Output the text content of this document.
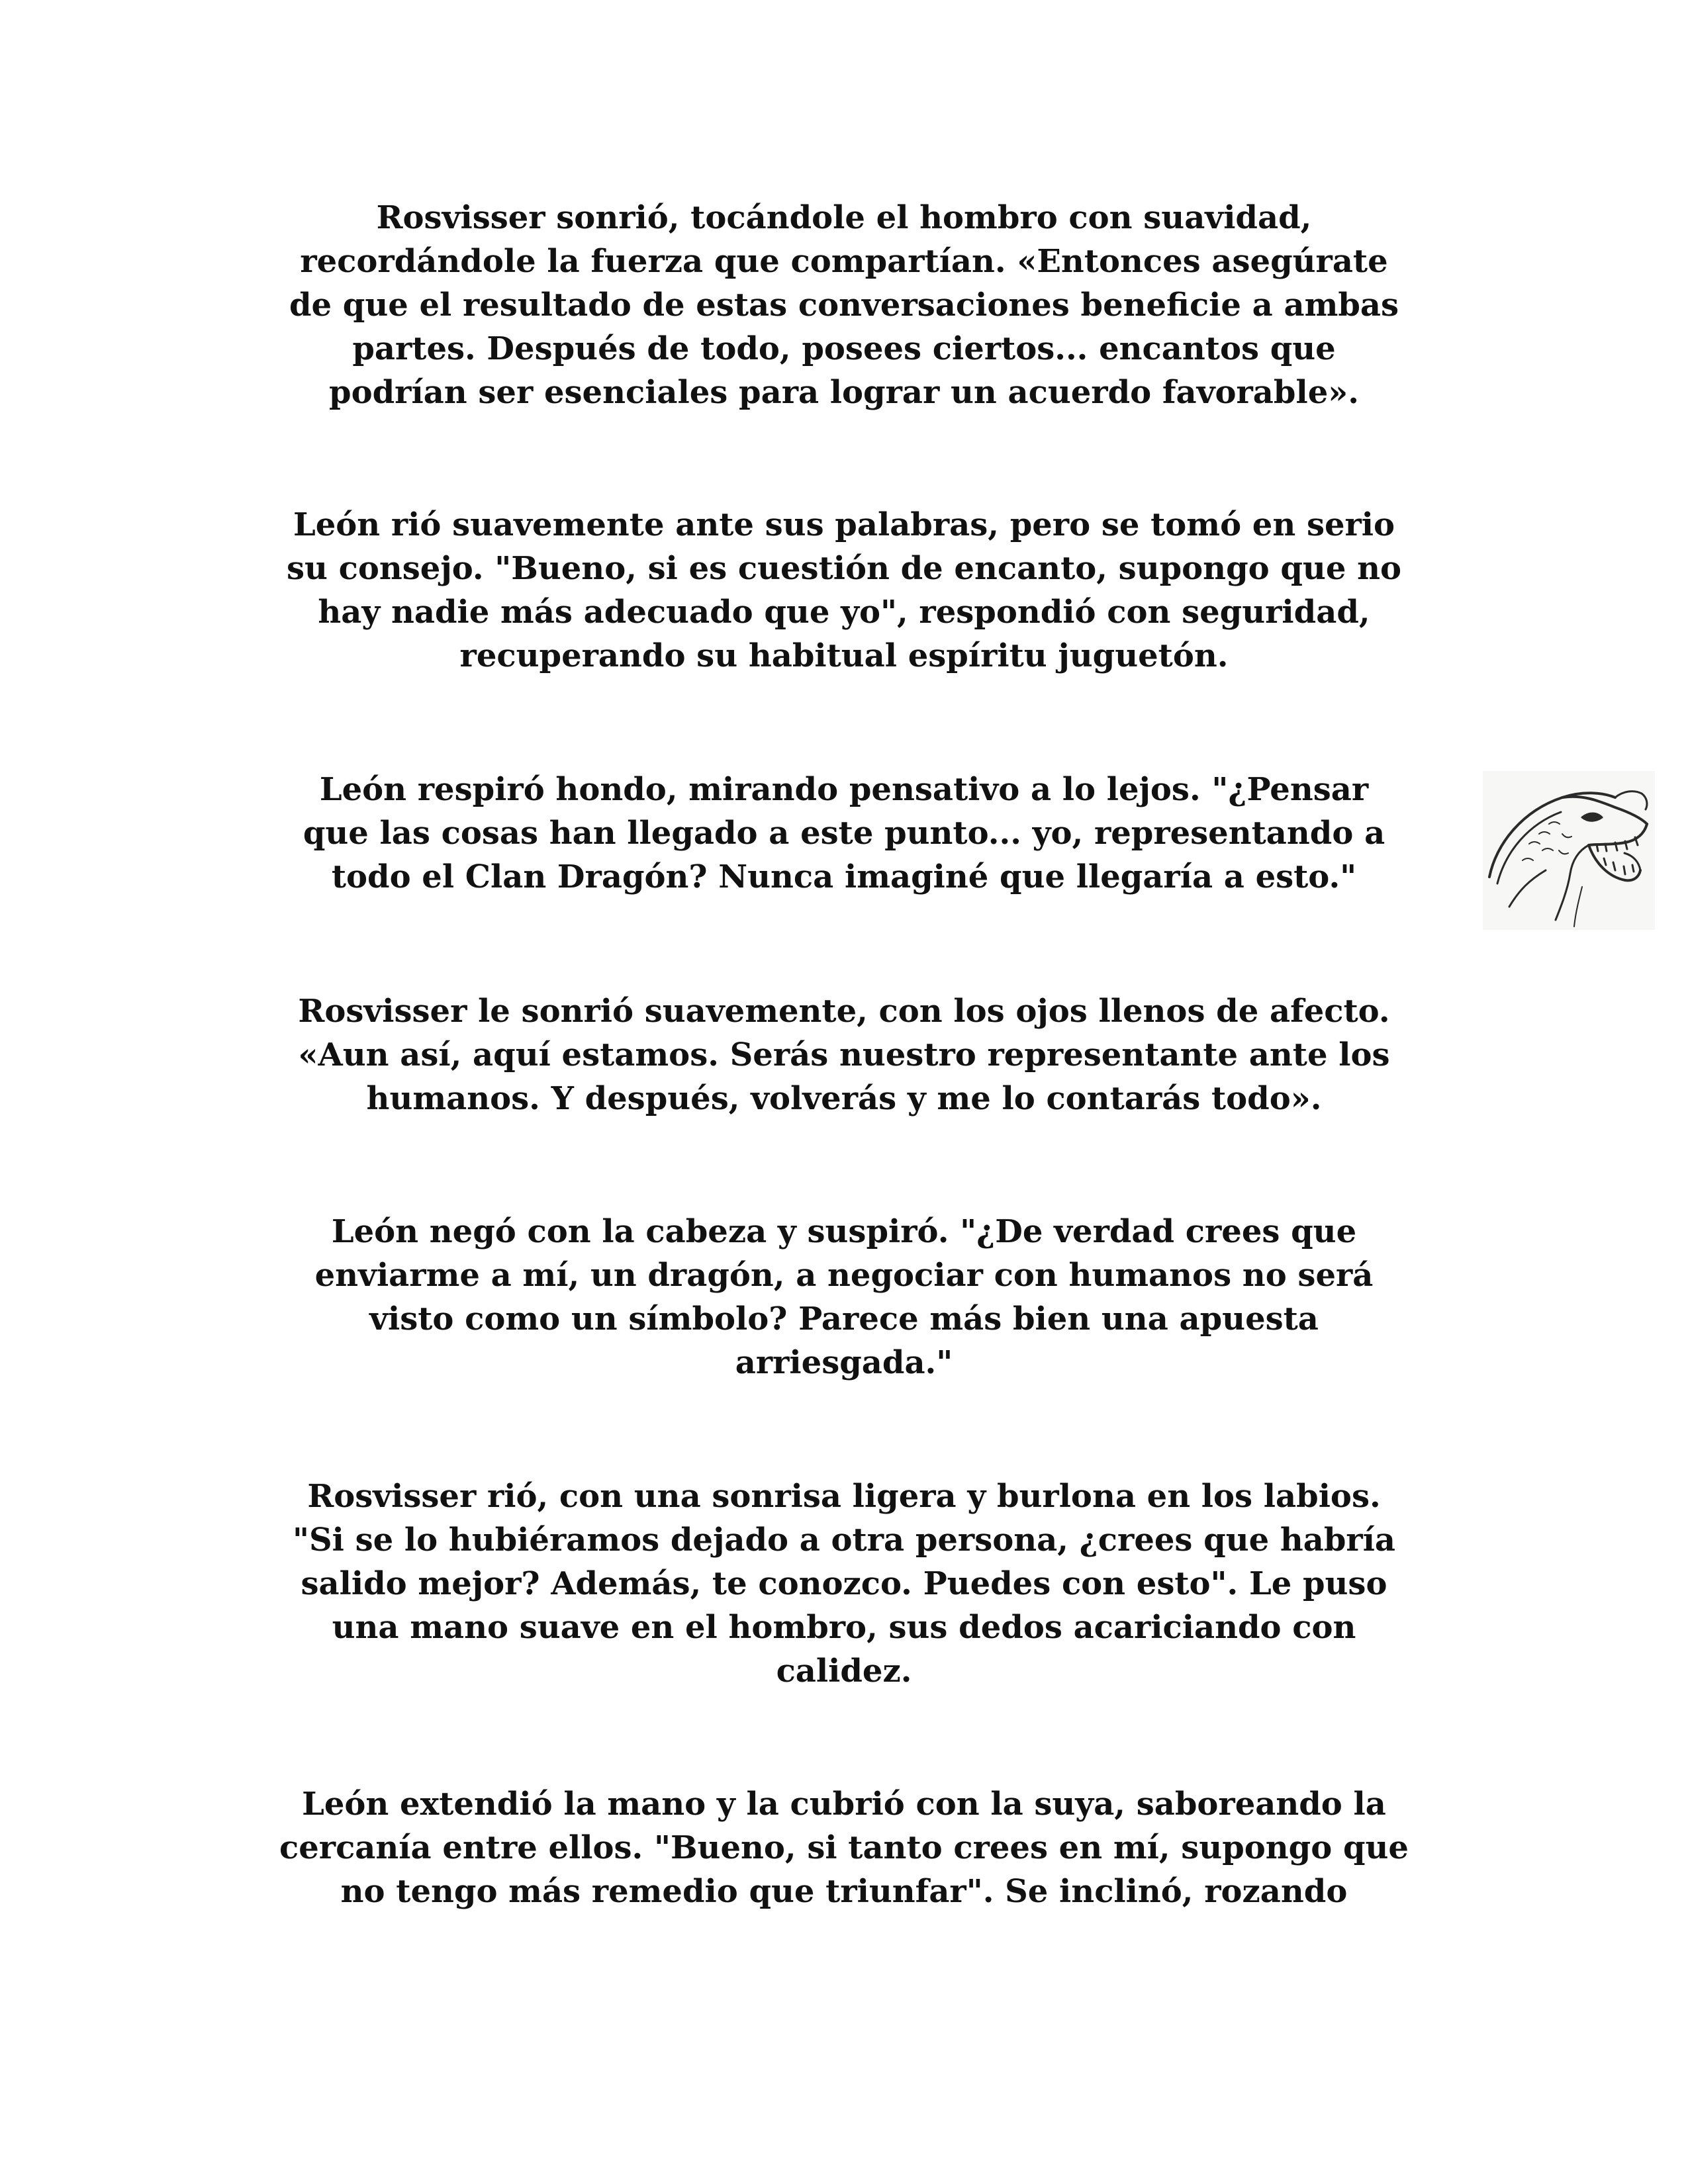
Rosvisser sonrió, tocándole el hombro con suavidad,
recordándole la fuerza que compartían. «Entonces asegúrate
de que el resultado de estas conversaciones beneficie a ambas
partes. Después de todo, posees ciertos... encantos que
podrían ser esenciales para lograr un acuerdo favorable».
León rió suavemente ante sus palabras, pero se tomó en serio
su consejo. "Bueno, si es cuestión de encanto, supongo que no
hay nadie más adecuado que yo", respondió con seguridad,
recuperando su habitual espíritu juguetón.
León respiró hondo, mirando pensativo a lo lejos. "¿Pensar
que las cosas han llegado a este punto... yo, representando a
todo el Clan Dragón? Nunca imaginé que llegaría a esto."
Rosvisser le sonrió suavemente, con los ojos llenos de afecto.
«Aun así, aquí estamos. Serás nuestro representante ante los
humanos. Y después, volverás y me lo contarás todo».
León negó con la cabeza y suspiró. "¿De verdad crees que
enviarme a mí, un dragón, a negociar con humanos no será
visto como un símbolo? Parece más bien una apuesta
arriesgada."
Rosvisser rió, con una sonrisa ligera y burlona en los labios.
"Si se lo hubiéramos dejado a otra persona, ¿crees que habría
salido mejor? Además, te conozco. Puedes con esto". Le puso
una mano suave en el hombro, sus dedos acariciando con
calidez.
León extendió la mano y la cubrió con la suya, saboreando la
cercanía entre ellos. "Bueno, si tanto crees en mí, supongo que
no tengo más remedio que triunfar". Se inclinó, rozando
